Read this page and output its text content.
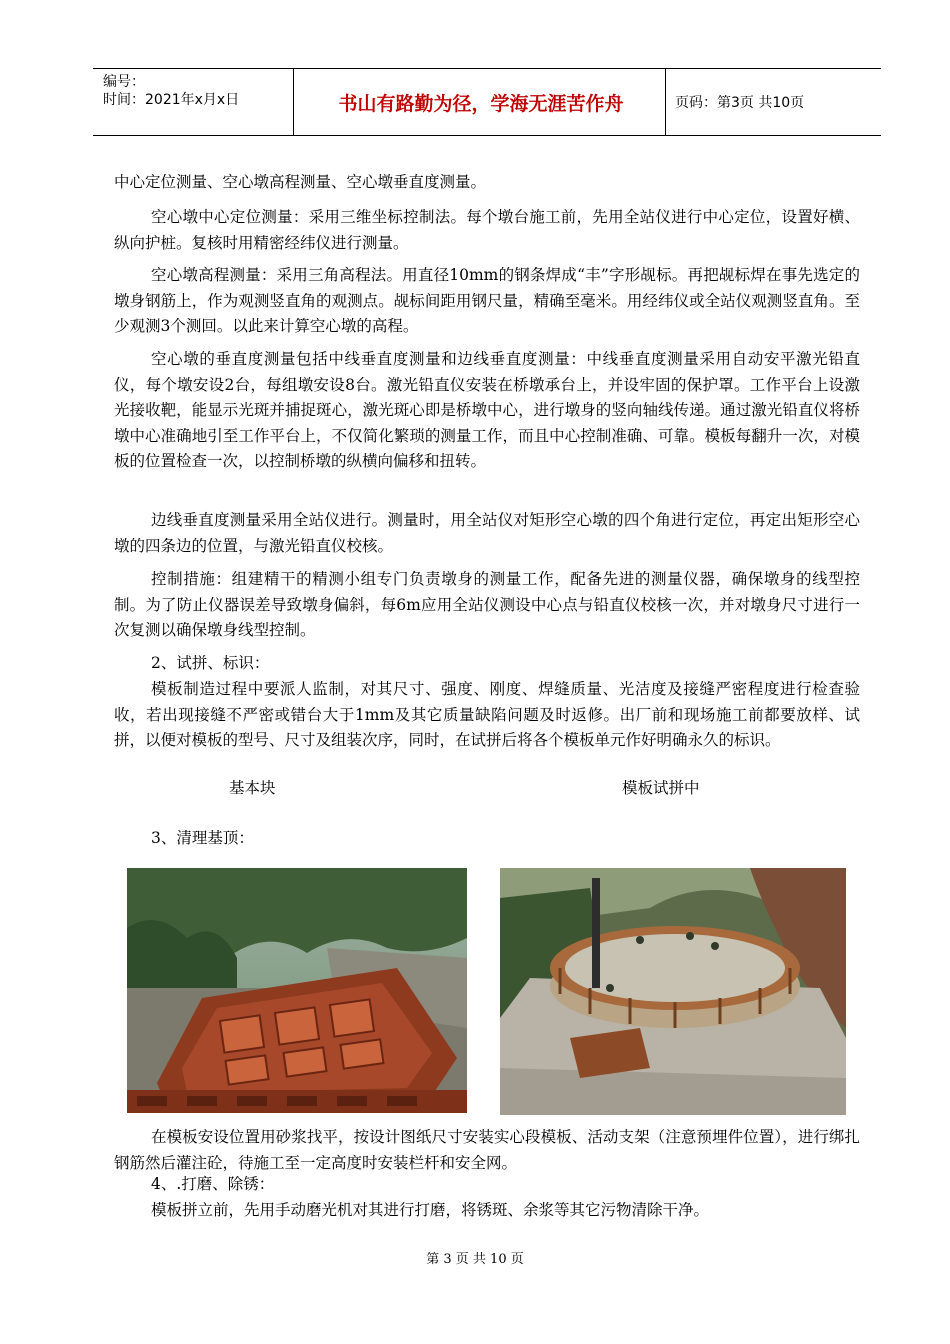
编号：
时间：2021年x月x日	书山有路勤为径，学海无涯苦作舟	页码：第3页 共10页
中心定位测量、空心墩高程测量、空心墩垂直度测量。
空心墩中心定位测量：采用三维坐标控制法。每个墩台施工前，先用全站仪进行中心定位，设置好横、纵向护桩。复核时用精密经纬仪进行测量。
空心墩高程测量：采用三角高程法。用直径10mm的钢条焊成“丰”字形觇标。再把觇标焊在事先选定的墩身钢筋上，作为观测竖直角的观测点。觇标间距用钢尺量，精确至毫米。用经纬仪或全站仪观测竖直角。至少观测3个测回。以此来计算空心墩的高程。
空心墩的垂直度测量包括中线垂直度测量和边线垂直度测量：中线垂直度测量采用自动安平激光铅直仪，每个墩安设2台，每组墩安设8台。激光铅直仪安装在桥墩承台上，并设牢固的保护罩。工作平台上设激光接收靶，能显示光斑并捕捉斑心，激光斑心即是桥墩中心，进行墩身的竖向轴线传递。通过激光铅直仪将桥墩中心准确地引至工作平台上，不仅简化繁琐的测量工作，而且中心控制准确、可靠。模板每翻升一次，对模板的位置检查一次，以控制桥墩的纵横向偏移和扭转。
边线垂直度测量采用全站仪进行。测量时，用全站仪对矩形空心墩的四个角进行定位，再定出矩形空心墩的四条边的位置，与激光铅直仪校核。
控制措施：组建精干的精测小组专门负责墩身的测量工作，配备先进的测量仪器，确保墩身的线型控制。为了防止仪器误差导致墩身偏斜，每6m应用全站仪测设中心点与铅直仪校核一次，并对墩身尺寸进行一次复测以确保墩身线型控制。
2、试拼、标识：
模板制造过程中要派人监制，对其尺寸、强度、刚度、焊缝质量、光洁度及接缝严密程度进行检查验收，若出现接缝不严密或错台大于1mm及其它质量缺陷问题及时返修。出厂前和现场施工前都要放样、试拼，以便对模板的型号、尺寸及组装次序，同时，在试拼后将各个模板单元作好明确永久的标识。
基本块	模板试拼中
3、清理基顶：
在模板安设位置用砂浆找平，按设计图纸尺寸安装实心段模板、活动支架（注意预埋件位置），进行绑扎钢筋然后灌注砼，待施工至一定高度时安装栏杆和安全网。
4、.打磨、除锈：
模板拼立前，先用手动磨光机对其进行打磨，将锈斑、余浆等其它污物清除干净。
第 3 页 共 10 页
